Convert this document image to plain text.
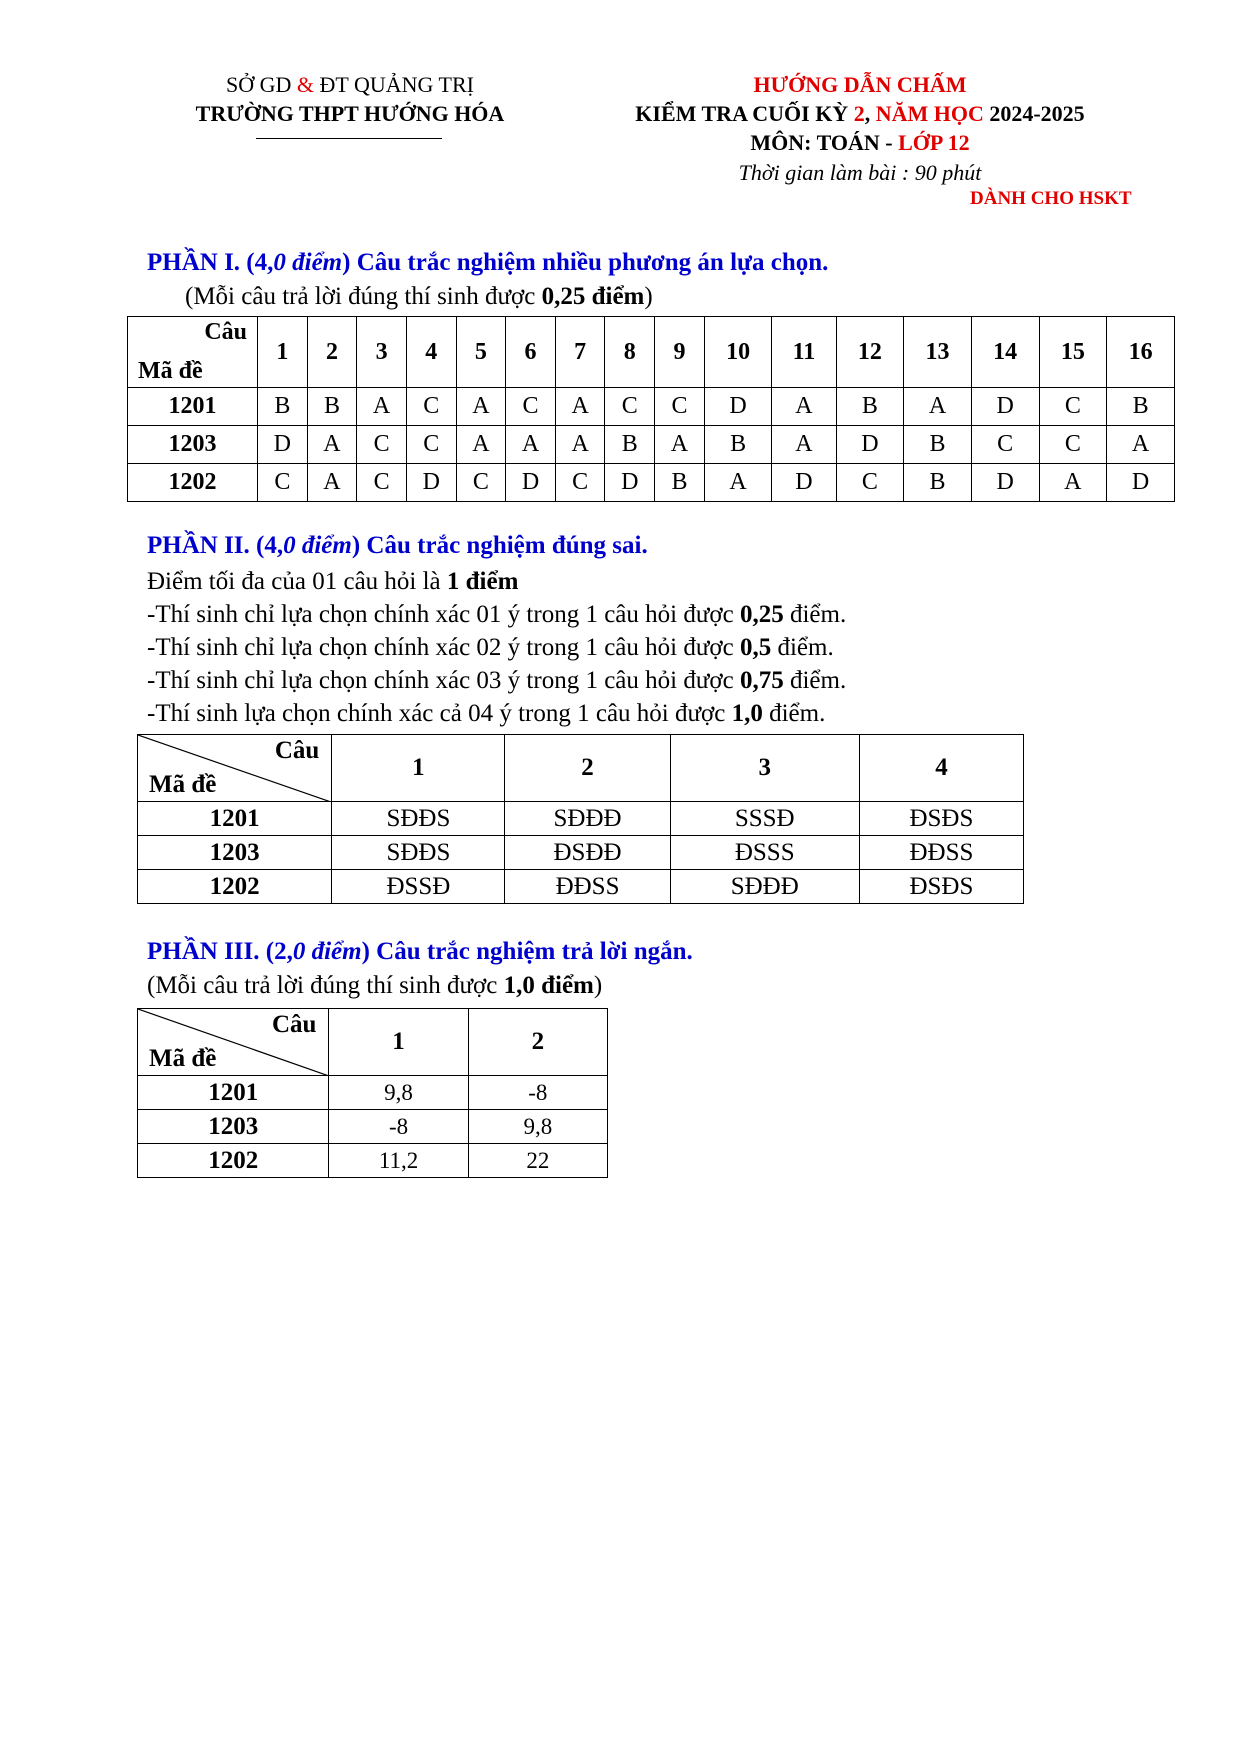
SỞ GD & ĐT QUẢNG TRỊ
TRƯỜNG THPT HƯỚNG HÓA
HƯỚNG DẪN CHẤM
KIỂM TRA CUỐI KỲ 2, NĂM HỌC 2024-2025
MÔN: TOÁN - LỚP 12
Thời gian làm bài : 90 phút
DÀNH CHO HSKT
PHẦN I. (4,0 điểm) Câu trắc nghiệm nhiều phương án lựa chọn.
(Mỗi câu trả lời đúng thí sinh được 0,25 điểm)
Câu
Mã đề	1	2	3	4	5	6	7	8	9	10	11	12	13	14	15	16
1201	B	B	A	C	A	C	A	C	C	D	A	B	A	D	C	B
1203	D	A	C	C	A	A	A	B	A	B	A	D	B	C	C	A
1202	C	A	C	D	C	D	C	D	B	A	D	C	B	D	A	D
PHẦN II. (4,0 điểm) Câu trắc nghiệm đúng sai.
Điểm tối đa của 01 câu hỏi là 1 điểm
-Thí sinh chỉ lựa chọn chính xác 01 ý trong 1 câu hỏi được 0,25 điểm.
-Thí sinh chỉ lựa chọn chính xác 02 ý trong 1 câu hỏi được 0,5 điểm.
-Thí sinh chỉ lựa chọn chính xác 03 ý trong 1 câu hỏi được 0,75 điểm.
-Thí sinh lựa chọn chính xác cả 04 ý trong 1 câu hỏi được 1,0 điểm.
Câu
Mã đề	1	2	3	4
1201	SĐĐS	SĐĐĐ	SSSĐ	ĐSĐS
1203	SĐĐS	ĐSĐĐ	ĐSSS	ĐĐSS
1202	ĐSSĐ	ĐĐSS	SĐĐĐ	ĐSĐS
PHẦN III. (2,0 điểm) Câu trắc nghiệm trả lời ngắn.
(Mỗi câu trả lời đúng thí sinh được 1,0 điểm)
Câu
Mã đề	1	2
1201	9,8	-8
1203	-8	9,8
1202	11,2	22
